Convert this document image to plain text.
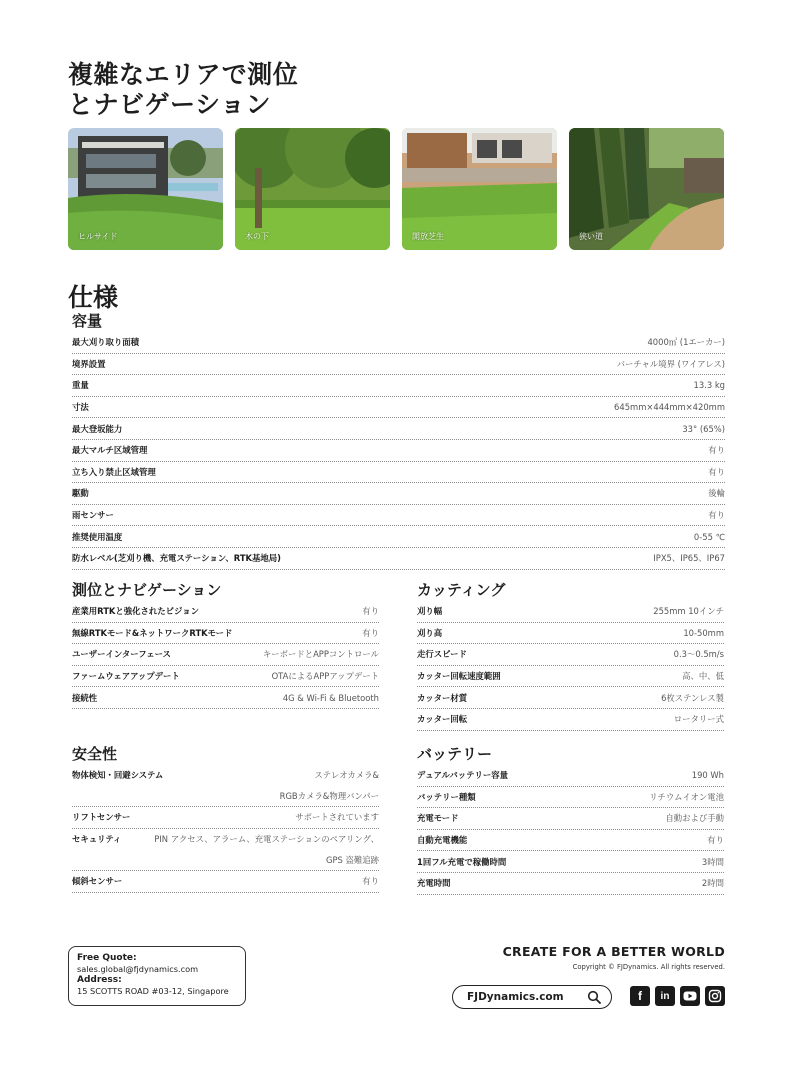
複雑なエリアで測位
とナビゲーション
ヒルサイド	木の下	開放芝生	狭い道
仕様
容量
最大刈り取り面積	4000㎡ (1エーカー)
境界設置	バーチャル境界 (ワイアレス)
重量	13.3 kg
寸法	645mm×444mm×420mm
最大登坂能力	33° (65%)
最大マルチ区域管理	有り
立ち入り禁止区域管理	有り
駆動	後輪
雨センサー	有り
推奨使用温度	0-55 ℃
防水レベル(芝刈り機、充電ステーション、RTK基地局)	IPX5、IP65、IP67
測位とナビゲーション
産業用RTKと強化されたビジョン	有り
無線RTKモード&ネットワークRTKモード	有り
ユーザーインターフェース	キーボードとAPPコントロール
ファームウェアアップデート	OTAによるAPPアップデート
接続性	4G & Wi-Fi & Bluetooth
カッティング
刈り幅	255mm 10インチ
刈り高	10-50mm
走行スピード	0.3〜0.5m/s
カッター回転速度範囲	高、中、低
カッター材質	6枚ステンレス製
カッター回転	ロータリー式
安全性
物体検知・回避システム	ステレオカメラ&
RGBカメラ&物理バンパー
リフトセンサー	サポートされています
セキュリティ	PIN アクセス、アラーム、充電ステーションのペアリング、
GPS 盗難追跡
傾斜センサー	有り
バッテリー
デュアルバッテリー容量	190 Wh
バッテリー種類	リチウムイオン電池
充電モード	自動および手動
自動充電機能	有り
1回フル充電で稼働時間	3時間
充電時間	2時間
Free Quote:
sales.global@fjdynamics.com
Address:
15 SCOTTS ROAD #03-12, Singapore
CREATE FOR A BETTER WORLD
Copyright © FJDynamics. All rights reserved.
FJDynamics.com	f	in
